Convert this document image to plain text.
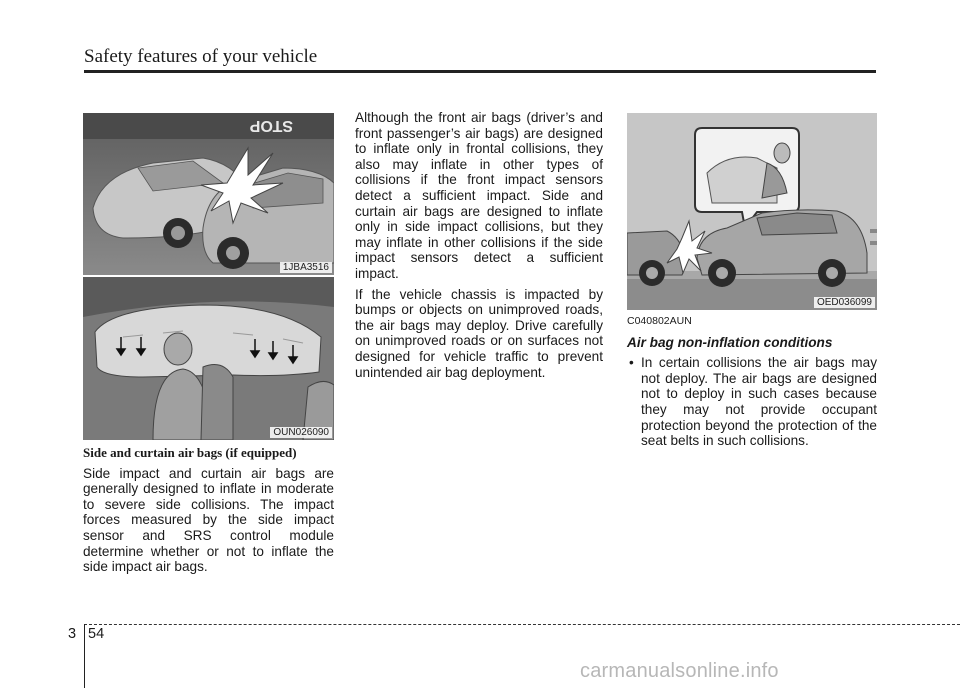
Safety features of your vehicle
STOP
1JBA3516
OUN026090

Side and curtain air bags (if equipped)

Side impact and curtain air bags are generally designed to inflate in moderate to severe side collisions. The impact forces measured by the side impact sensor and SRS control module determine whether or not to inflate the side impact air bags.

Although the front air bags (driver’s and front passenger’s air bags) are designed to inflate only in frontal collisions, they also may inflate in other types of collisions if the front impact sensors detect a sufficient impact. Side and curtain air bags are designed to inflate only in side impact collisions, but they may inflate in other collisions if the side impact sensors detect a sufficient impact.

If the vehicle chassis is impacted by bumps or objects on unimproved roads, the air bags may deploy. Drive carefully on unimproved roads or on surfaces not designed for vehicle traffic to prevent unintended air bag deployment.

OED036099

C040802AUN

Air bag non-inflation conditions

• In certain collisions the air bags may not deploy. The air bags are designed not to deploy in such cases because they may not provide occupant protection beyond the protection of the seat belts in such collisions.

3 54
carmanualsonline.info
